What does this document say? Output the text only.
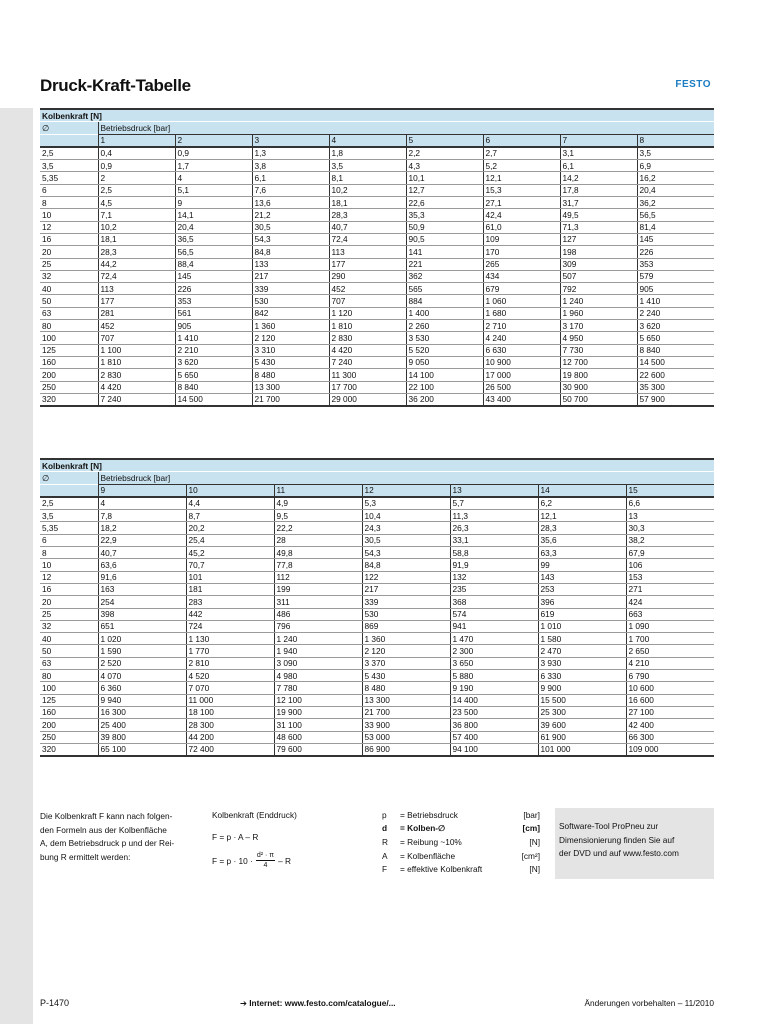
Druck-Kraft-Tabelle	FESTO
Kolbenkraft [N]								
∅	Betriebsdruck [bar]							
	1	2	3	4	5	6	7	8
2,5	0,4	0,9	1,3	1,8	2,2	2,7	3,1	3,5
3,5	0,9	1,7	3,8	3,5	4,3	5,2	6,1	6,9
5,35	2	4	6,1	8,1	10,1	12,1	14,2	16,2
6	2,5	5,1	7,6	10,2	12,7	15,3	17,8	20,4
8	4,5	9	13,6	18,1	22,6	27,1	31,7	36,2
10	7,1	14,1	21,2	28,3	35,3	42,4	49,5	56,5
12	10,2	20,4	30,5	40,7	50,9	61,0	71,3	81,4
16	18,1	36,5	54,3	72,4	90,5	109	127	145
20	28,3	56,5	84,8	113	141	170	198	226
25	44,2	88,4	133	177	221	265	309	353
32	72,4	145	217	290	362	434	507	579
40	113	226	339	452	565	679	792	905
50	177	353	530	707	884	1 060	1 240	1 410
63	281	561	842	1 120	1 400	1 680	1 960	2 240
80	452	905	1 360	1 810	2 260	2 710	3 170	3 620
100	707	1 410	2 120	2 830	3 530	4 240	4 950	5 650
125	1 100	2 210	3 310	4 420	5 520	6 630	7 730	8 840
160	1 810	3 620	5 430	7 240	9 050	10 900	12 700	14 500
200	2 830	5 650	8 480	11 300	14 100	17 000	19 800	22 600
250	4 420	8 840	13 300	17 700	22 100	26 500	30 900	35 300
320	7 240	14 500	21 700	29 000	36 200	43 400	50 700	57 900
Kolbenkraft [N]							
∅	Betriebsdruck [bar]						
	9	10	11	12	13	14	15
2,5	4	4,4	4,9	5,3	5,7	6,2	6,6
3,5	7,8	8,7	9,5	10,4	11,3	12,1	13
5,35	18,2	20,2	22,2	24,3	26,3	28,3	30,3
6	22,9	25,4	28	30,5	33,1	35,6	38,2
8	40,7	45,2	49,8	54,3	58,8	63,3	67,9
10	63,6	70,7	77,8	84,8	91,9	99	106
12	91,6	101	112	122	132	143	153
16	163	181	199	217	235	253	271
20	254	283	311	339	368	396	424
25	398	442	486	530	574	619	663
32	651	724	796	869	941	1 010	1 090
40	1 020	1 130	1 240	1 360	1 470	1 580	1 700
50	1 590	1 770	1 940	2 120	2 300	2 470	2 650
63	2 520	2 810	3 090	3 370	3 650	3 930	4 210
80	4 070	4 520	4 980	5 430	5 880	6 330	6 790
100	6 360	7 070	7 780	8 480	9 190	9 900	10 600
125	9 940	11 000	12 100	13 300	14 400	15 500	16 600
160	16 300	18 100	19 900	21 700	23 500	25 300	27 100
200	25 400	28 300	31 100	33 900	36 800	39 600	42 400
250	39 800	44 200	48 600	53 000	57 400	61 900	66 300
320	65 100	72 400	79 600	86 900	94 100	101 000	109 000
Die Kolbenkraft F kann nach folgen-
den Formeln aus der Kolbenfläche
A, dem Betriebsdruck p und der Rei-
bung R ermittelt werden:
Kolbenkraft (Enddruck)
F = p · A – R
$F = p \cdot 10 \cdot \frac{\text{d² · π}}{4} - R$
p	= Betriebsdruck	[bar]
d	= Kolben-∅	[cm]
R	= Reibung ~10%	[N]
A	= Kolbenfläche	[cm²]
F	= effektive Kolbenkraft	[N]
Software-Tool ProPneu zur
Dimensionierung finden Sie auf
der DVD und auf www.festo.com
P-1470	➔ Internet: www.festo.com/catalogue/...	Änderungen vorbehalten – 11/2010
